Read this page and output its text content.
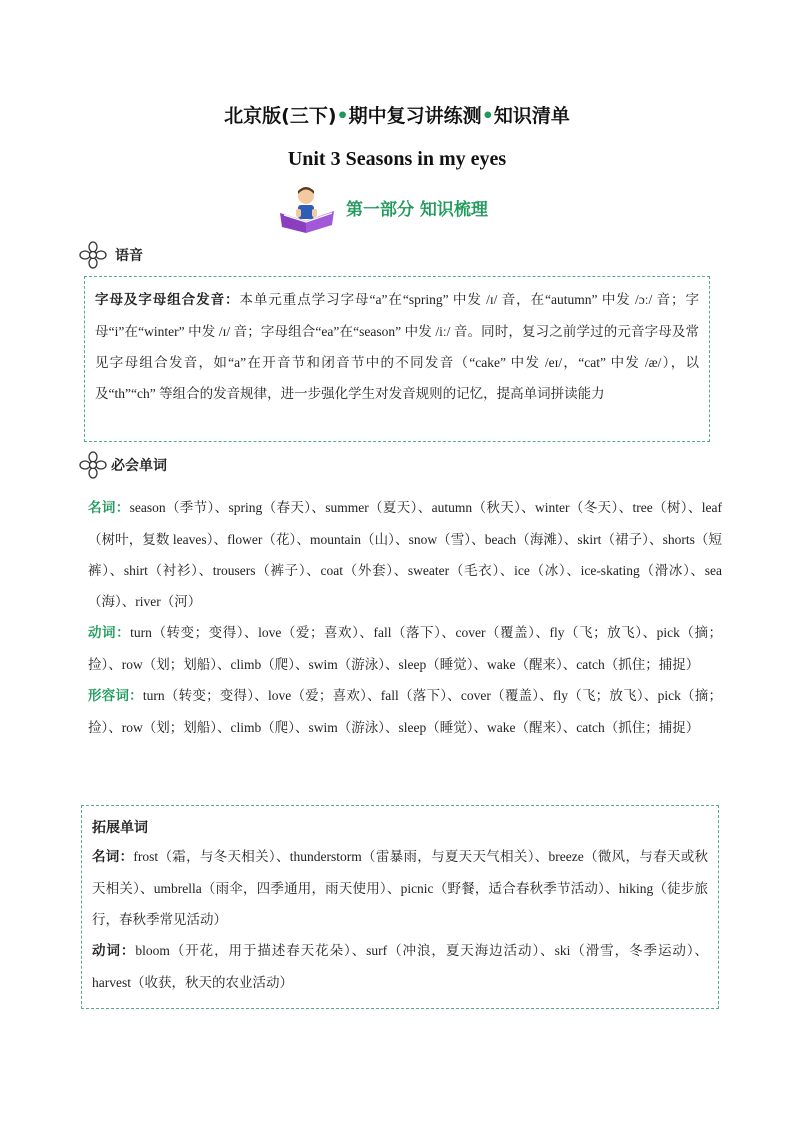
北京版(三下)•期中复习讲练测•知识清单
Unit 3 Seasons in my eyes
第一部分 知识梳理
语音
字母及字母组合发音：本单元重点学习字母“a”在“spring” 中发 /ɪ/ 音，在“autumn” 中发 /ɔː/ 音；字母“i”在“winter” 中发 /ɪ/ 音；字母组合“ea”在“season” 中发 /iː/ 音。同时，复习之前学过的元音字母及常见字母组合发音，如“a”在开音节和闭音节中的不同发音（“cake” 中发 /eɪ/，“cat” 中发 /æ/），以及“th”“ch” 等组合的发音规律，进一步强化学生对发音规则的记忆，提高单词拼读能力
必会单词
名词：season（季节）、spring（春天）、summer（夏天）、autumn（秋天）、winter（冬天）、tree（树）、leaf（树叶，复数 leaves）、flower（花）、mountain（山）、snow（雪）、beach（海滩）、skirt（裙子）、shorts（短裤）、shirt（衬衫）、trousers（裤子）、coat（外套）、sweater（毛衣）、ice（冰）、ice-skating（滑冰）、sea（海）、river（河）
动词：turn（转变；变得）、love（爱；喜欢）、fall（落下）、cover（覆盖）、fly（飞；放飞）、pick（摘；捡）、row（划；划船）、climb（爬）、swim（游泳）、sleep（睡觉）、wake（醒来）、catch（抓住；捕捉）
形容词：turn（转变；变得）、love（爱；喜欢）、fall（落下）、cover（覆盖）、fly（飞；放飞）、pick（摘；捡）、row（划；划船）、climb（爬）、swim（游泳）、sleep（睡觉）、wake（醒来）、catch（抓住；捕捉）
拓展单词
名词：frost（霜，与冬天相关）、thunderstorm（雷暴雨，与夏天天气相关）、breeze（微风，与春天或秋天相关）、umbrella（雨伞，四季通用，雨天使用）、picnic（野餐，适合春秋季节活动）、hiking（徒步旅行，春秋季常见活动）
动词：bloom（开花，用于描述春天花朵）、surf（冲浪，夏天海边活动）、ski（滑雪，冬季运动）、harvest（收获，秋天的农业活动）
